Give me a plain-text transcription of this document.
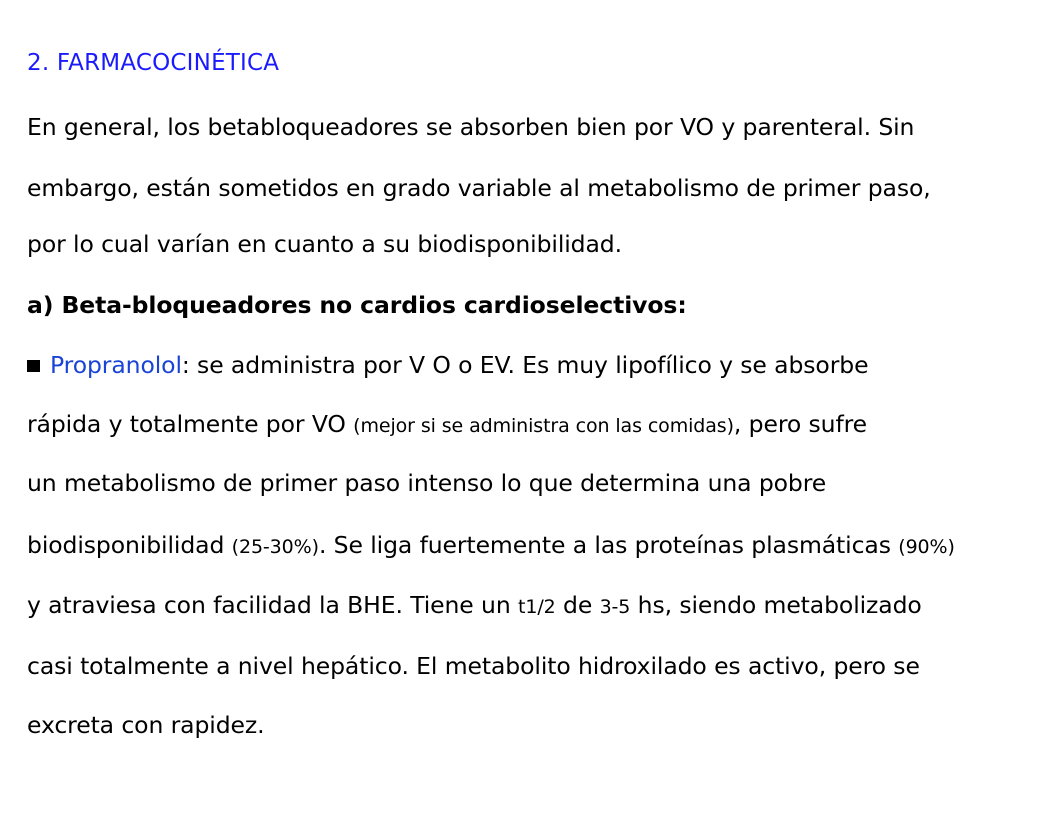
2. FARMACOCINÉTICA
En general, los betabloqueadores se absorben bien por VO y parenteral. Sin
embargo, están sometidos en grado variable al metabolismo de primer paso,
por lo cual varían en cuanto a su biodisponibilidad.
a) Beta-bloqueadores no cardios cardioselectivos:
Propranolol: se administra por V O o EV. Es muy lipofílico y se absorbe
rápida y totalmente por VO (mejor si se administra con las comidas), pero sufre
un metabolismo de primer paso intenso lo que determina una pobre
biodisponibilidad (25-30%). Se liga fuertemente a las proteínas plasmáticas (90%)
y atraviesa con facilidad la BHE. Tiene un t1/2 de 3-5 hs, siendo metabolizado
casi totalmente a nivel hepático. El metabolito hidroxilado es activo, pero se
excreta con rapidez.
